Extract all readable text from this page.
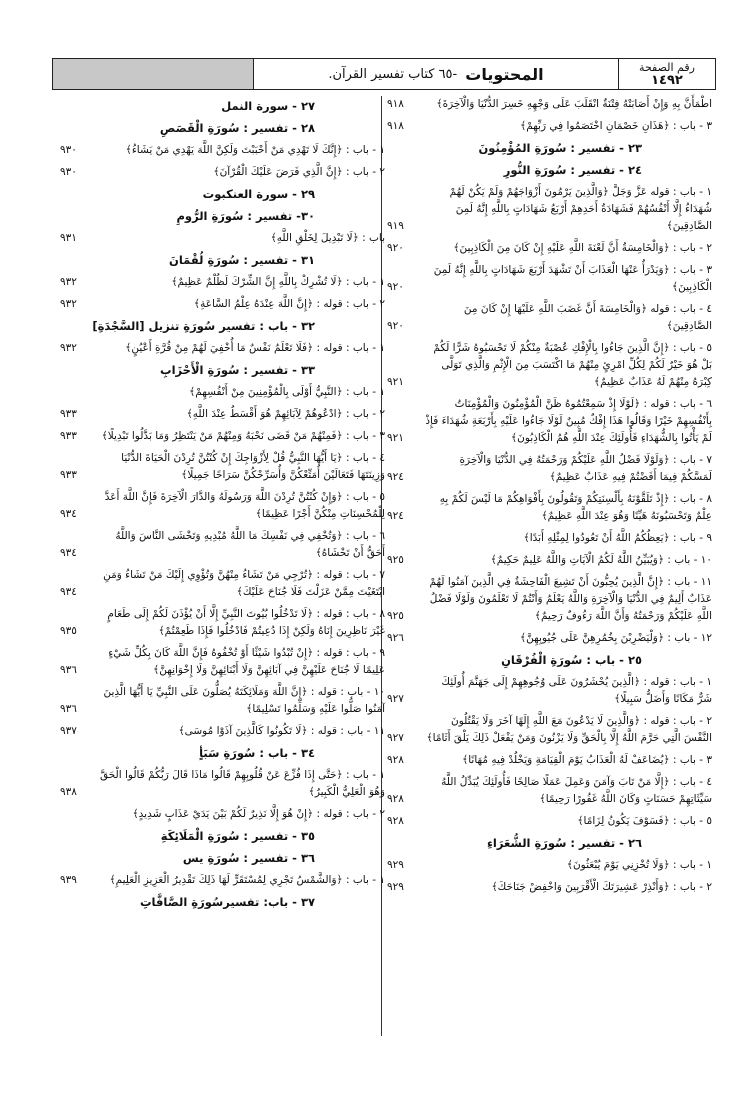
رقم الصفحة
١٤٩٢
المحتويات
-٦٥ كتاب تفسير القرآن.
اطْمَأَنَّ بِهِ وَإِنْ أَصَابَتْهُ فِتْنَةٌ انْقَلَبَ عَلَى وَجْهِهِ خَسِرَ الدُّنْيَا وَالْآخِرَةَ﴾
٩١٨
٣ - باب : ﴿هَذَانِ خَصْمَانِ اخْتَصَمُوا فِي رَبِّهِمْ﴾
٩١٨
٢٣ - تفسير : سُورَةِ المُؤْمِنُونَ
٢٤ - تفسير : سُورَةِ النُّورِ
١ - باب : قوله عَزَّ وَجَلَّ ﴿وَالَّذِينَ يَرْمُونَ أَزْوَاجَهُمْ وَلَمْ يَكُنْ لَهُمْ شُهَدَاءُ إِلَّا أَنْفُسُهُمْ فَشَهَادَةُ أَحَدِهِمْ أَرْبَعُ شَهَادَاتٍ بِاللَّهِ إِنَّهُ لَمِنَ الصَّادِقِينَ﴾
٩١٩
٢ - باب : ﴿وَالْخَامِسَةُ أَنَّ لَعْنَةَ اللَّهِ عَلَيْهِ إِنْ كَانَ مِنَ الْكَاذِبِينَ﴾
٩٢٠
٣ - باب : ﴿وَيَدْرَأُ عَنْهَا الْعَذَابَ أَنْ تَشْهَدَ أَرْبَعَ شَهَادَاتٍ بِاللَّهِ إِنَّهُ لَمِنَ الْكَاذِبِينَ﴾
٩٢٠
٤ - باب : قوله ﴿وَالْخَامِسَةَ أَنَّ غَضَبَ اللَّهِ عَلَيْهَا إِنْ كَانَ مِنَ الصَّادِقِينَ﴾
٩٢٠
٥ - باب : ﴿إِنَّ الَّذِينَ جَاءُوا بِالْإِفْكِ عُصْبَةٌ مِنْكُمْ لَا تَحْسَبُوهُ شَرًّا لَكُمْ بَلْ هُوَ خَيْرٌ لَكُمْ لِكُلِّ امْرِئٍ مِنْهُمْ مَا اكْتَسَبَ مِنَ الْإِثْمِ وَالَّذِي تَوَلَّى كِبْرَهُ مِنْهُمْ لَهُ عَذَابٌ عَظِيمٌ﴾
٩٢١
٦ - باب : قوله : ﴿لَوْلَا إِذْ سَمِعْتُمُوهُ ظَنَّ الْمُؤْمِنُونَ وَالْمُؤْمِنَاتُ بِأَنْفُسِهِمْ خَيْرًا وَقَالُوا هَذَا إِفْكٌ مُبِينٌ لَوْلَا جَاءُوا عَلَيْهِ بِأَرْبَعَةِ شُهَدَاءَ فَإِذْ لَمْ يَأْتُوا بِالشُّهَدَاءِ فَأُولَئِكَ عِنْدَ اللَّهِ هُمُ الْكَاذِبُونَ﴾
٩٢١
٧ - باب : ﴿وَلَوْلَا فَضْلُ اللَّهِ عَلَيْكُمْ وَرَحْمَتُهُ فِي الدُّنْيَا وَالْآخِرَةِ لَمَسَّكُمْ فِيمَا أَفَضْتُمْ فِيهِ عَذَابٌ عَظِيمٌ﴾
٩٢٤
٨ - باب : ﴿إِذْ تَلَقَّوْنَهُ بِأَلْسِنَتِكُمْ وَتَقُولُونَ بِأَفْوَاهِكُمْ مَا لَيْسَ لَكُمْ بِهِ عِلْمٌ وَتَحْسَبُونَهُ هَيِّنًا وَهُوَ عِنْدَ اللَّهِ عَظِيمٌ﴾
٩٢٤
٩ - باب : ﴿يَعِظُكُمُ اللَّهُ أَنْ تَعُودُوا لِمِثْلِهِ أَبَدًا﴾
١٠ - باب : ﴿وَيُبَيِّنُ اللَّهُ لَكُمُ الْآيَاتِ وَاللَّهُ عَلِيمٌ حَكِيمٌ﴾
٩٢٥
١١ - باب : ﴿إِنَّ الَّذِينَ يُحِبُّونَ أَنْ تَشِيعَ الْفَاحِشَةُ فِي الَّذِينَ آمَنُوا لَهُمْ عَذَابٌ أَلِيمٌ فِي الدُّنْيَا وَالْآخِرَةِ وَاللَّهُ يَعْلَمُ وَأَنْتُمْ لَا تَعْلَمُونَ وَلَوْلَا فَضْلُ اللَّهِ عَلَيْكُمْ وَرَحْمَتُهُ وَأَنَّ اللَّهَ رَءُوفٌ رَحِيمٌ﴾
٩٢٥
١٢ - باب : ﴿وَلْيَضْرِبْنَ بِخُمُرِهِنَّ عَلَى جُيُوبِهِنَّ﴾
٩٢٦
٢٥ - باب : سُورَةِ الْفُرْقَانِ
١ - باب : قوله : ﴿الَّذِينَ يُحْشَرُونَ عَلَى وُجُوهِهِمْ إِلَى جَهَنَّمَ أُولَئِكَ شَرٌّ مَكَانًا وَأَضَلُّ سَبِيلًا﴾
٩٢٧
٢ - باب : قوله : ﴿وَالَّذِينَ لَا يَدْعُونَ مَعَ اللَّهِ إِلَهًا آخَرَ وَلَا يَقْتُلُونَ النَّفْسَ الَّتِي حَرَّمَ اللَّهُ إِلَّا بِالْحَقِّ وَلَا يَزْنُونَ وَمَنْ يَفْعَلْ ذَلِكَ يَلْقَ أَثَامًا﴾
٩٢٧
٣ - باب : ﴿يُضَاعَفْ لَهُ الْعَذَابُ يَوْمَ الْقِيَامَةِ وَيَخْلُدْ فِيهِ مُهَانًا﴾
٩٢٨
٤ - باب : ﴿إِلَّا مَنْ تَابَ وَآمَنَ وَعَمِلَ عَمَلًا صَالِحًا فَأُولَئِكَ يُبَدِّلُ اللَّهُ سَيِّئَاتِهِمْ حَسَنَاتٍ وَكَانَ اللَّهُ غَفُورًا رَحِيمًا﴾
٩٢٨
٥ - باب : ﴿فَسَوْفَ يَكُونُ لِزَامًا﴾
٩٢٨
٢٦ - تفسير : سُورَةِ الشُّعَرَاءِ
١ - باب : ﴿وَلَا تُخْزِنِي يَوْمَ يُبْعَثُونَ﴾
٩٢٩
٢ - باب : ﴿وَأَنْذِرْ عَشِيرَتَكَ الْأَقْرَبِينَ وَاخْفِضْ جَنَاحَكَ﴾
٩٢٩
٢٧ - سورة النمل
٢٨ - تفسير : سُورَةِ الْقَصَصِ
١ - باب : ﴿إِنَّكَ لَا تَهْدِي مَنْ أَحْبَبْتَ وَلَكِنَّ اللَّهَ يَهْدِي مَنْ يَشَاءُ﴾
٩٣٠
٢ - باب : ﴿إِنَّ الَّذِي فَرَضَ عَلَيْكَ الْقُرْآنَ﴾
٩٣٠
٢٩ - سورة العنكبوت
٣٠- تفسير : سُورَةِ الرُّومِ
باب : ﴿لَا تَبْدِيلَ لِخَلْقِ اللَّهِ﴾
٩٣١
٣١ - تفسير : سُورَةِ لُقْمَانَ
١ - باب : ﴿لَا تُشْرِكْ بِاللَّهِ إِنَّ الشِّرْكَ لَظُلْمٌ عَظِيمٌ﴾
٩٣٢
٢ - باب : قوله : ﴿إِنَّ اللَّهَ عِنْدَهُ عِلْمُ السَّاعَةِ﴾
٩٣٢
٣٢ - باب : تفسير سُورَةِ تنزيل [السَّجْدَةِ]
١ - باب : قوله : ﴿فَلَا تَعْلَمُ نَفْسٌ مَا أُخْفِيَ لَهُمْ مِنْ قُرَّةِ أَعْيُنٍ﴾
٩٣٢
٣٣ - تفسير : سُورَةِ الْأَحْزَابِ
١ - باب : ﴿النَّبِيُّ أَوْلَى بِالْمُؤْمِنِينَ مِنْ أَنْفُسِهِمْ﴾
٢ - باب : ﴿ادْعُوهُمْ لِآبَائِهِمْ هُوَ أَقْسَطُ عِنْدَ اللَّهِ﴾
٩٣٣
٣ - باب : ﴿فَمِنْهُمْ مَنْ قَضَى نَحْبَهُ وَمِنْهُمْ مَنْ يَنْتَظِرُ وَمَا بَدَّلُوا تَبْدِيلًا﴾
٩٣٣
٤ - باب : ﴿يَا أَيُّهَا النَّبِيُّ قُلْ لِأَزْوَاجِكَ إِنْ كُنْتُنَّ تُرِدْنَ الْحَيَاةَ الدُّنْيَا وَزِينَتَهَا فَتَعَالَيْنَ أُمَتِّعْكُنَّ وَأُسَرِّحْكُنَّ سَرَاحًا جَمِيلًا﴾
٩٣٣
٥ - باب : ﴿وَإِنْ كُنْتُنَّ تُرِدْنَ اللَّهَ وَرَسُولَهُ وَالدَّارَ الْآخِرَةَ فَإِنَّ اللَّهَ أَعَدَّ لِلْمُحْسِنَاتِ مِنْكُنَّ أَجْرًا عَظِيمًا﴾
٩٣٤
٦ - باب : ﴿وَتُخْفِي فِي نَفْسِكَ مَا اللَّهُ مُبْدِيهِ وَتَخْشَى النَّاسَ وَاللَّهُ أَحَقُّ أَنْ تَخْشَاهُ﴾
٩٣٤
٧ - باب : قوله : ﴿تُرْجِي مَنْ تَشَاءُ مِنْهُنَّ وَتُؤْوِي إِلَيْكَ مَنْ تَشَاءُ وَمَنِ ابْتَغَيْتَ مِمَّنْ عَزَلْتَ فَلَا جُنَاحَ عَلَيْكَ﴾
٩٣٤
٨ - باب : قوله : ﴿لَا تَدْخُلُوا بُيُوتَ النَّبِيِّ إِلَّا أَنْ يُؤْذَنَ لَكُمْ إِلَى طَعَامٍ غَيْرَ نَاظِرِينَ إِنَاهُ وَلَكِنْ إِذَا دُعِيتُمْ فَادْخُلُوا فَإِذَا طَعِمْتُمْ﴾
٩٣٥
٩ - باب : قوله : ﴿إِنْ تُبْدُوا شَيْئًا أَوْ تُخْفُوهُ فَإِنَّ اللَّهَ كَانَ بِكُلِّ شَيْءٍ عَلِيمًا لَا جُنَاحَ عَلَيْهِنَّ فِي آبَائِهِنَّ وَلَا أَبْنَائِهِنَّ وَلَا إِخْوَانِهِنَّ﴾
٩٣٦
١٠ - باب : قوله : ﴿إِنَّ اللَّهَ وَمَلَائِكَتَهُ يُصَلُّونَ عَلَى النَّبِيِّ يَا أَيُّهَا الَّذِينَ آمَنُوا صَلُّوا عَلَيْهِ وَسَلِّمُوا تَسْلِيمًا﴾
٩٣٦
١١ - باب : قوله : ﴿لَا تَكُونُوا كَالَّذِينَ آذَوْا مُوسَى﴾
٩٣٧
٣٤ - باب : سُورَةِ سَبَأٍ
١ - باب : ﴿حَتَّى إِذَا فُزِّعَ عَنْ قُلُوبِهِمْ قَالُوا مَاذَا قَالَ رَبُّكُمْ قَالُوا الْحَقَّ وَهُوَ الْعَلِيُّ الْكَبِيرُ﴾
٩٣٨
٢ - باب : قوله : ﴿إِنْ هُوَ إِلَّا نَذِيرٌ لَكُمْ بَيْنَ يَدَيْ عَذَابٍ شَدِيدٍ﴾
٣٥ - تفسير : سُورَةِ الْمَلَائِكَةِ
٣٦ - تفسير : سُورَةِ يس
١ - باب : ﴿وَالشَّمْسُ تَجْرِي لِمُسْتَقَرٍّ لَهَا ذَلِكَ تَقْدِيرُ الْعَزِيزِ الْعَلِيمِ﴾
٩٣٩
٣٧ - باب: تفسيرسُورَةِ الصَّافَّاتِ
